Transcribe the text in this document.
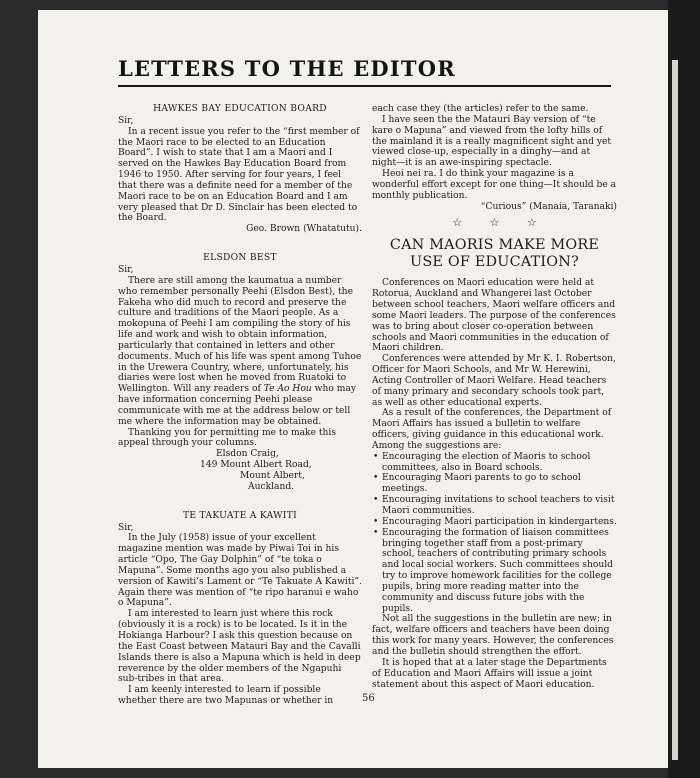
LETTERS TO THE EDITOR

HAWKES BAY EDUCATION BOARD

Sir,

In a recent issue you refer to the “first member of the Maori race to be elected to an Education Board”. I wish to state that I am a Maori and I served on the Hawkes Bay Education Board from 1946 to 1950. After serving for four years, I feel that there was a definite need for a member of the Maori race to be on an Education Board and I am very pleased that Dr D. Sinclair has been elected to the Board.

Geo. Brown (Whatatutu).

ELSDON BEST

Sir,

There are still among the kaumatua a number who remember personally Peehi (Elsdon Best), the Fakeha who did much to record and preserve the culture and traditions of the Maori people. As a mokopuna of Peehi I am compiling the story of his life and work and wish to obtain information, particularly that contained in letters and other documents. Much of his life was spent among Tuhoe in the Urewera Country, where, unfortunately, his diaries were lost when he moved from Ruatoki to Wellington. Will any readers of Te Ao Hou who may have information concerning Peehi please communicate with me at the address below or tell me where the information may be obtained.

Thanking you for permitting me to make this appeal through your columns.

Elsdon Craig,

149 Mount Albert Road,

Mount Albert,

Auckland.

TE TAKUATE A KAWITI

Sir,

In the July (1958) issue of your excellent magazine mention was made by Piwai Toi in his article “Opo, The Gay Dolphin” of “te toka o Mapuna”. Some months ago you also published a version of Kawiti’s Lament or “Te Takuate A Kawiti”. Again there was mention of “te ripo haranui e waho o Mapuna”.

I am interested to learn just where this rock (obviously it is a rock) is to be located. Is it in the Hokianga Harbour? I ask this question because on the East Coast between Matauri Bay and the Cavalli Islands there is also a Mapuna which is held in deep reverence by the older members of the Ngapuhi sub-tribes in that area.

I am keenly interested to learn if possible whether there are two Mapunas or whether in

each case they (the articles) refer to the same.

I have seen the the Matauri Bay version of “te kare o Mapuna” and viewed from the lofty hills of the mainland it is a really magnificent sight and yet viewed close-up, especially in a dinghy—and at night—it is an awe-inspiring spectacle.

Heoi nei ra. I do think your magazine is a wonderful effort except for one thing—It should be a monthly publication.

“Curious” (Manaia, Taranaki)

☆ ☆ ☆

CAN MAORIS MAKE MORE USE OF EDUCATION?

Conferences on Maori education were held at Rotorua, Auckland and Whangerei last October between school teachers, Maori welfare officers and some Maori leaders. The purpose of the conferences was to bring about closer co-operation between schools and Maori communities in the education of Maori children.

Conferences were attended by Mr K. I. Robertson, Officer for Maori Schools, and Mr W. Herewini, Acting Controller of Maori Welfare. Head teachers of many primary and secondary schools took part, as well as other educational experts.

As a result of the conferences, the Department of Maori Affairs has issued a bulletin to welfare officers, giving guidance in this educational work. Among the suggestions are:

• Encouraging the election of Maoris to school committees, also in Board schools.
• Encouraging Maori parents to go to school meetings.
• Encouraging invitations to school teachers to visit Maori communities.
• Encouraging Maori participation in kindergartens.
• Encouraging the formation of liaison committees bringing together staff from a post-primary school, teachers of contributing primary schools and local social workers. Such committees should try to improve homework facilities for the college pupils, bring more reading matter into the community and discuss future jobs with the pupils.

Not all the suggestions in the bulletin are new; in fact, welfare officers and teachers have been doing this work for many years. However, the conferences and the bulletin should strengthen the effort.

It is hoped that at a later stage the Departments of Education and Maori Affairs will issue a joint statement about this aspect of Maori education.

56
